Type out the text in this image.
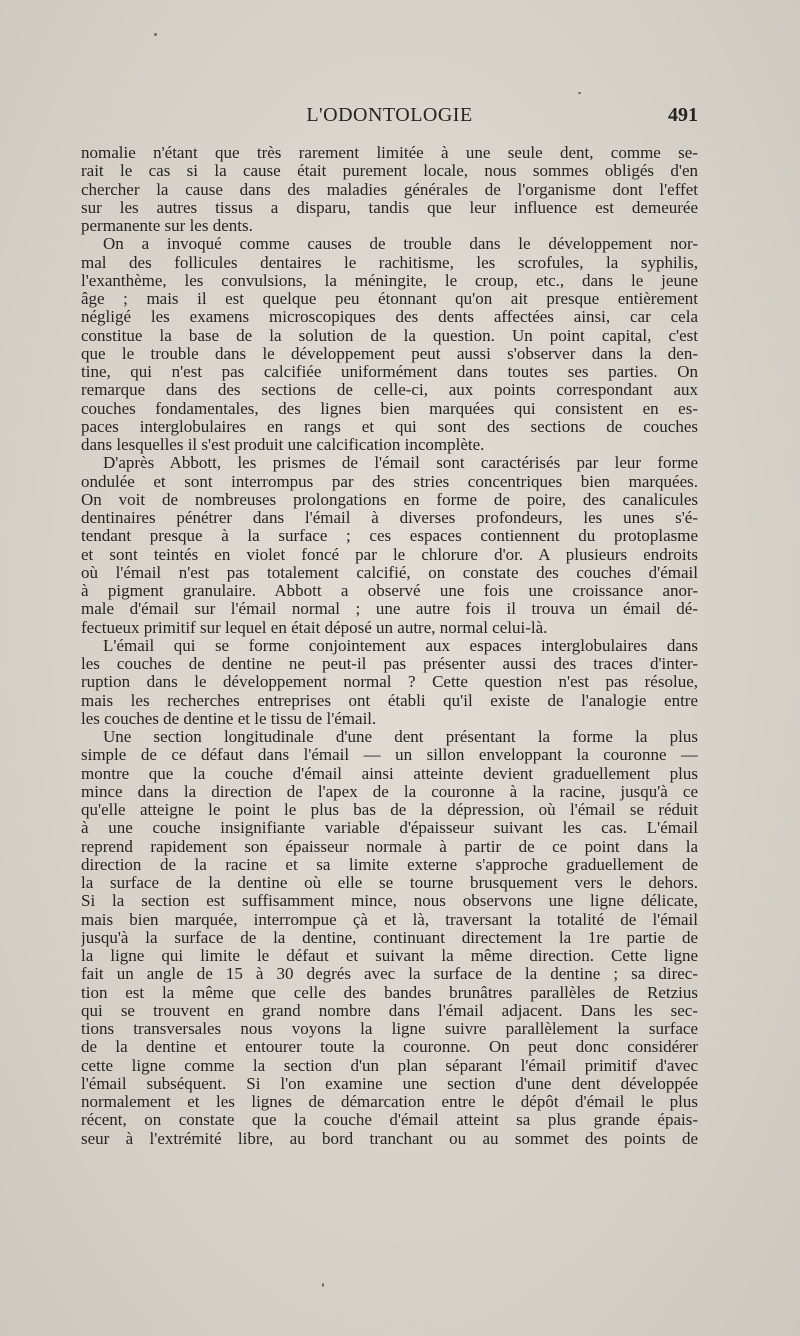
L'ODONTOLOGIE	491
nomalie n'étant que très rarement limitée à une seule dent, comme se-
rait le cas si la cause était purement locale, nous sommes obligés d'en
chercher la cause dans des maladies générales de l'organisme dont l'effet
sur les autres tissus a disparu, tandis que leur influence est demeurée
permanente sur les dents.
On a invoqué comme causes de trouble dans le développement nor-
mal des follicules dentaires le rachitisme, les scrofules, la syphilis,
l'exanthème, les convulsions, la méningite, le croup, etc., dans le jeune
âge ; mais il est quelque peu étonnant qu'on ait presque entièrement
négligé les examens microscopiques des dents affectées ainsi, car cela
constitue la base de la solution de la question. Un point capital, c'est
que le trouble dans le développement peut aussi s'observer dans la den-
tine, qui n'est pas calcifiée uniformément dans toutes ses parties. On
remarque dans des sections de celle-ci, aux points correspondant aux
couches fondamentales, des lignes bien marquées qui consistent en es-
paces interglobulaires en rangs et qui sont des sections de couches
dans lesquelles il s'est produit une calcification incomplète.
D'après Abbott, les prismes de l'émail sont caractérisés par leur forme
ondulée et sont interrompus par des stries concentriques bien marquées.
On voit de nombreuses prolongations en forme de poire, des canalicules
dentinaires pénétrer dans l'émail à diverses profondeurs, les unes s'é-
tendant presque à la surface ; ces espaces contiennent du protoplasme
et sont teintés en violet foncé par le chlorure d'or. A plusieurs endroits
où l'émail n'est pas totalement calcifié, on constate des couches d'émail
à pigment granulaire. Abbott a observé une fois une croissance anor-
male d'émail sur l'émail normal ; une autre fois il trouva un émail dé-
fectueux primitif sur lequel en était déposé un autre, normal celui-là.
L'émail qui se forme conjointement aux espaces interglobulaires dans
les couches de dentine ne peut-il pas présenter aussi des traces d'inter-
ruption dans le développement normal ? Cette question n'est pas résolue,
mais les recherches entreprises ont établi qu'il existe de l'analogie entre
les couches de dentine et le tissu de l'émail.
Une section longitudinale d'une dent présentant la forme la plus
simple de ce défaut dans l'émail — un sillon enveloppant la couronne —
montre que la couche d'émail ainsi atteinte devient graduellement plus
mince dans la direction de l'apex de la couronne à la racine, jusqu'à ce
qu'elle atteigne le point le plus bas de la dépression, où l'émail se réduit
à une couche insignifiante variable d'épaisseur suivant les cas. L'émail
reprend rapidement son épaisseur normale à partir de ce point dans la
direction de la racine et sa limite externe s'approche graduellement de
la surface de la dentine où elle se tourne brusquement vers le dehors.
Si la section est suffisamment mince, nous observons une ligne délicate,
mais bien marquée, interrompue çà et là, traversant la totalité de l'émail
jusqu'à la surface de la dentine, continuant directement la 1re partie de
la ligne qui limite le défaut et suivant la même direction. Cette ligne
fait un angle de 15 à 30 degrés avec la surface de la dentine ; sa direc-
tion est la même que celle des bandes brunâtres parallèles de Retzius
qui se trouvent en grand nombre dans l'émail adjacent. Dans les sec-
tions transversales nous voyons la ligne suivre parallèlement la surface
de la dentine et entourer toute la couronne. On peut donc considérer
cette ligne comme la section d'un plan séparant l'émail primitif d'avec
l'émail subséquent. Si l'on examine une section d'une dent développée
normalement et les lignes de démarcation entre le dépôt d'émail le plus
récent, on constate que la couche d'émail atteint sa plus grande épais-
seur à l'extrémité libre, au bord tranchant ou au sommet des points de
